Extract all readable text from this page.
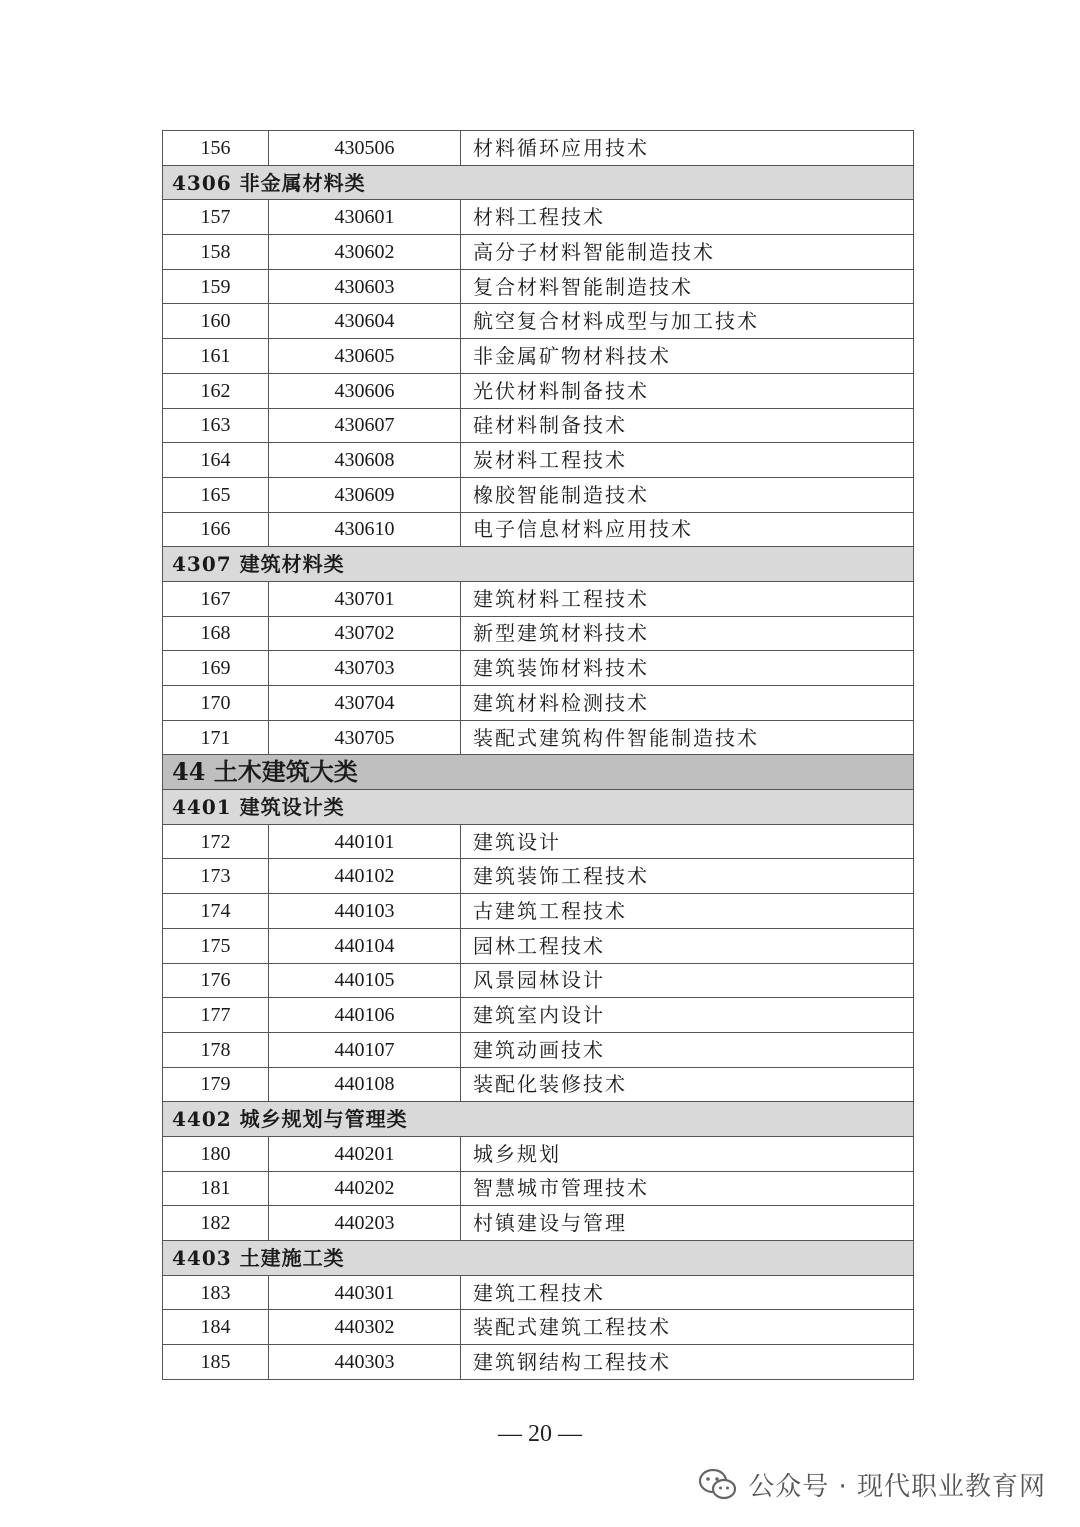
156	430506	材料循环应用技术
4306 非金属材料类		
157	430601	材料工程技术
158	430602	高分子材料智能制造技术
159	430603	复合材料智能制造技术
160	430604	航空复合材料成型与加工技术
161	430605	非金属矿物材料技术
162	430606	光伏材料制备技术
163	430607	硅材料制备技术
164	430608	炭材料工程技术
165	430609	橡胶智能制造技术
166	430610	电子信息材料应用技术
4307 建筑材料类		
167	430701	建筑材料工程技术
168	430702	新型建筑材料技术
169	430703	建筑装饰材料技术
170	430704	建筑材料检测技术
171	430705	装配式建筑构件智能制造技术
44 土木建筑大类		
4401 建筑设计类		
172	440101	建筑设计
173	440102	建筑装饰工程技术
174	440103	古建筑工程技术
175	440104	园林工程技术
176	440105	风景园林设计
177	440106	建筑室内设计
178	440107	建筑动画技术
179	440108	装配化装修技术
4402 城乡规划与管理类		
180	440201	城乡规划
181	440202	智慧城市管理技术
182	440203	村镇建设与管理
4403 土建施工类		
183	440301	建筑工程技术
184	440302	装配式建筑工程技术
185	440303	建筑钢结构工程技术
— 20 —
公众号 · 现代职业教育网
